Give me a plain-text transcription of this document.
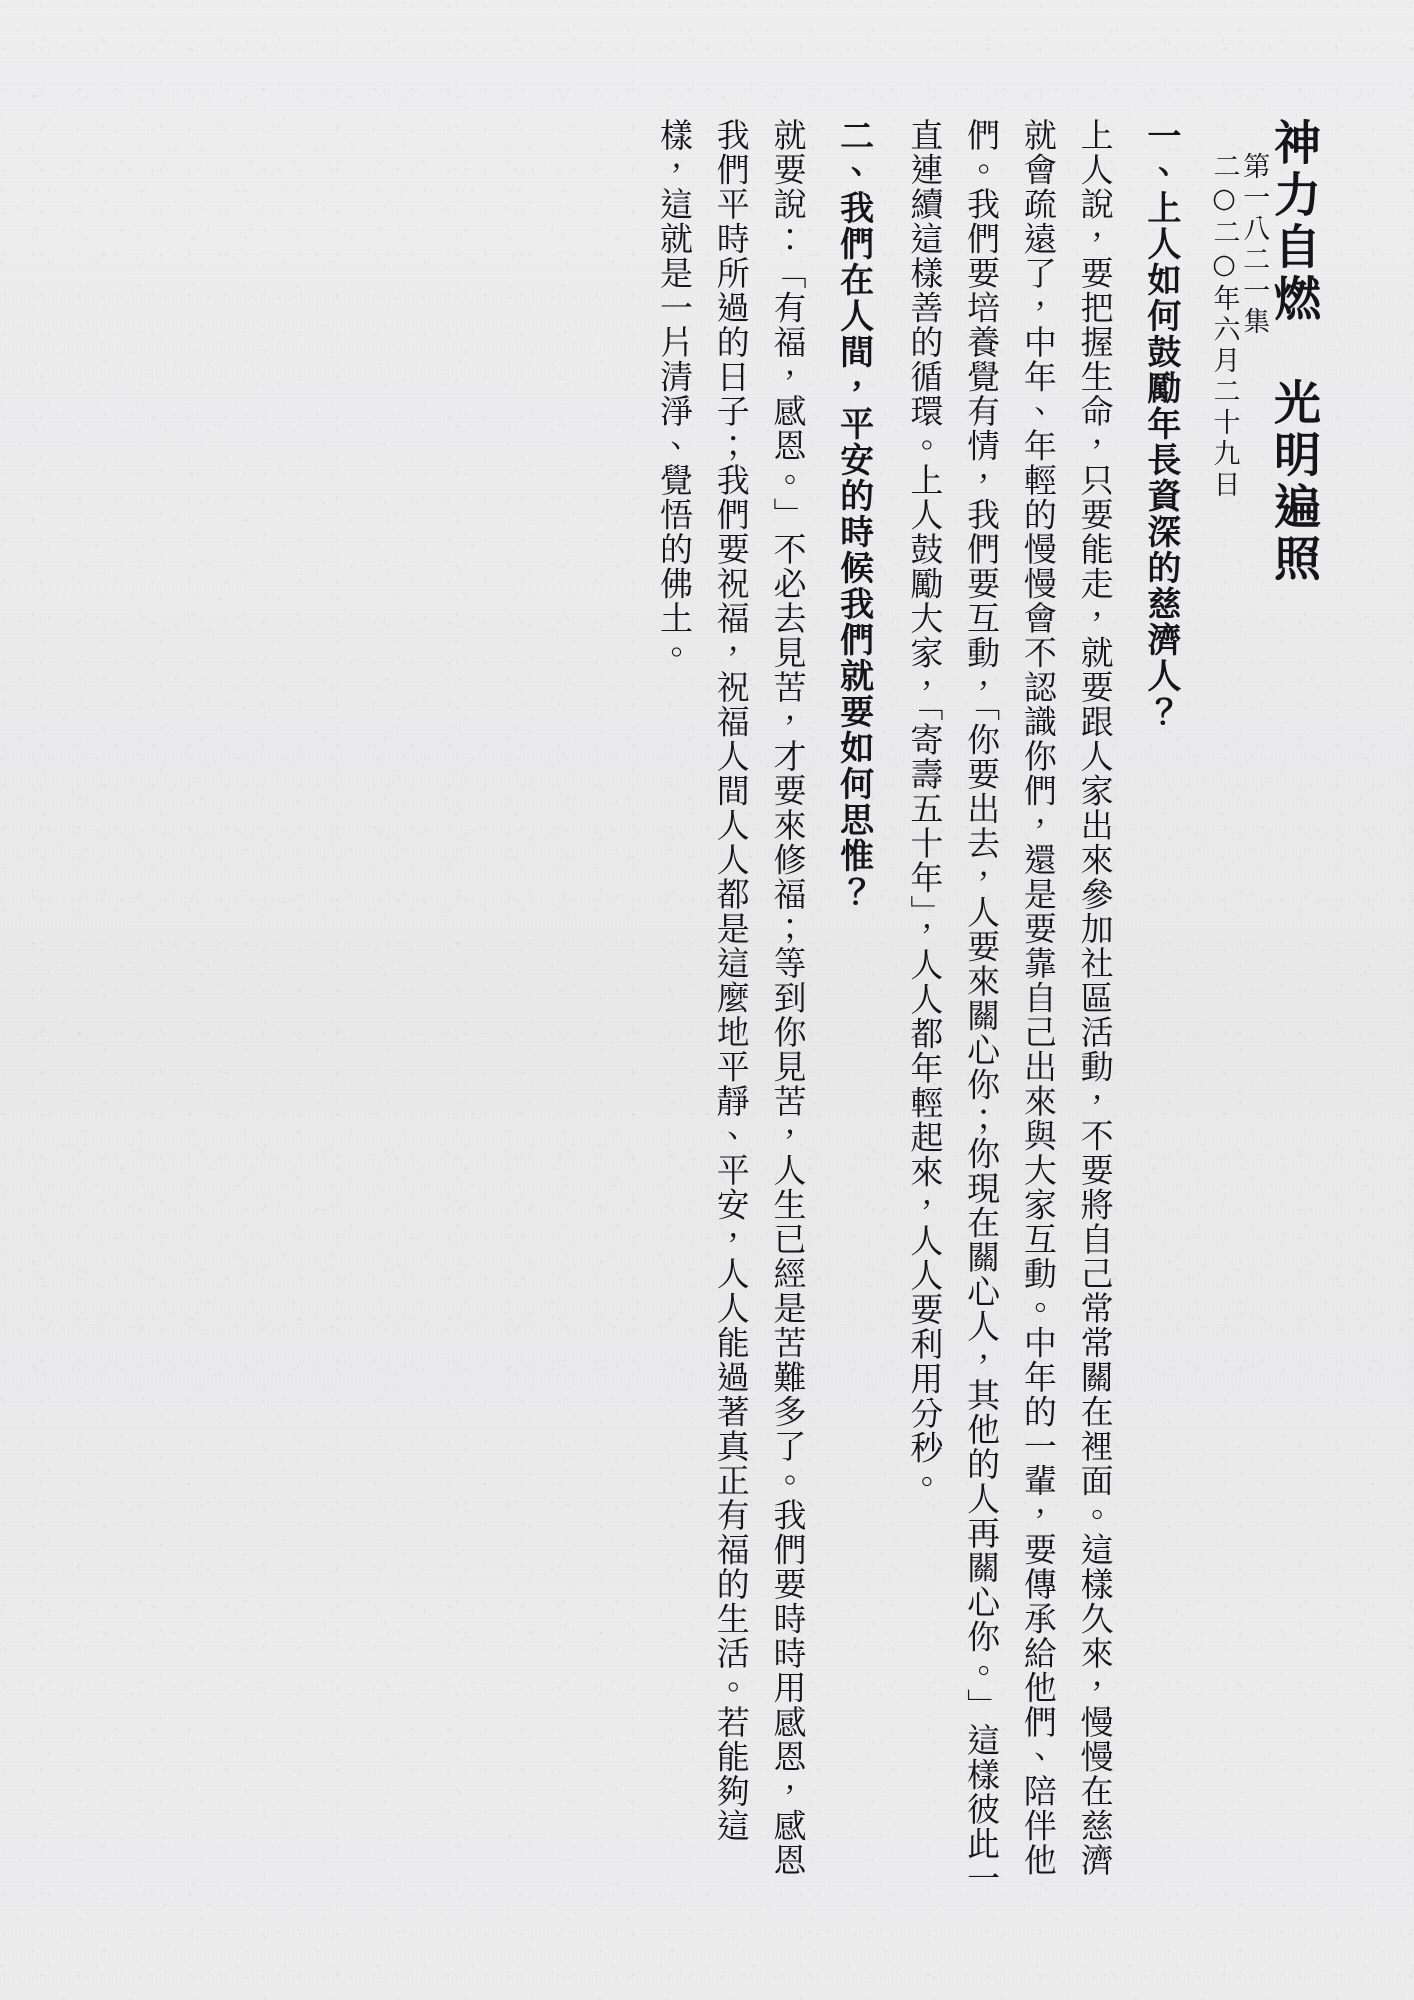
神力自燃　光明遍照
第一八二一集
二○二○年六月二十九日

一、上人如何鼓勵年長資深的慈濟人？

上人說，要把握生命，只要能走，就要跟人家出來參加社區活動，不要將自己常常關在裡面。這樣久來，慢慢在慈濟就會疏遠了，中年、年輕的慢慢會不認識你們，還是要靠自己出來與大家互動。中年的一輩，要傳承給他們、陪伴他們。我們要培養覺有情，我們要互動，「你要出去，人要來關心你；你現在關心人，其他的人再關心你。」這樣彼此一直連續這樣善的循環。上人鼓勵大家，「寄壽五十年」，人人都年輕起來，人人要利用分秒。

二、我們在人間，平安的時候我們就要如何思惟？

就要說：「有福，感恩。」不必去見苦，才要來修福；等到你見苦，人生已經是苦難多了。我們要時時用感恩，感恩我們平時所過的日子；我們要祝福，祝福人間人人都是這麼地平靜、平安，人人能過著真正有福的生活。若能夠這樣，這就是一片清淨、覺悟的佛土。
